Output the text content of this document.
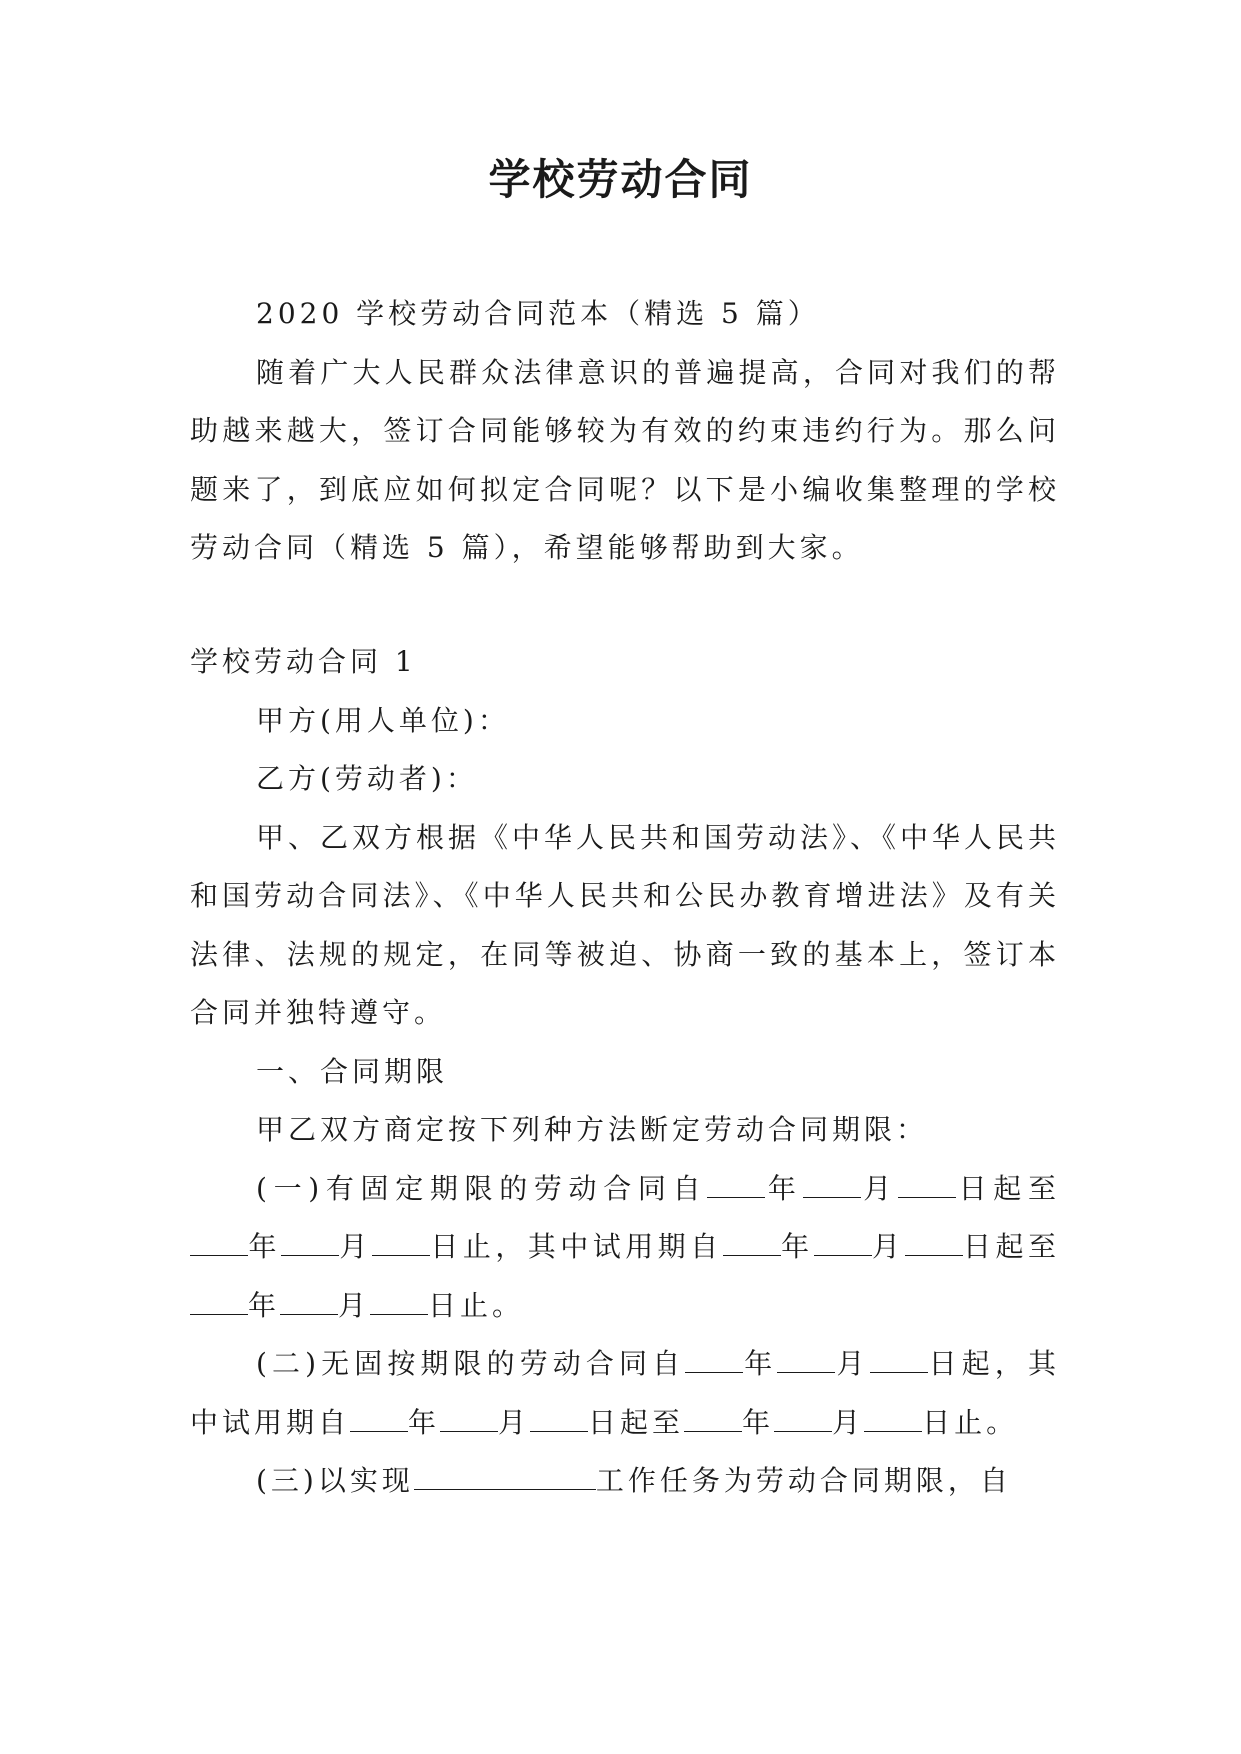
学校劳动合同

2020 学校劳动合同范本（精选 5 篇）

随着广大人民群众法律意识的普遍提高，合同对我们的帮助越来越大，签订合同能够较为有效的约束违约行为。那么问题来了，到底应如何拟定合同呢？以下是小编收集整理的学校劳动合同（精选 5 篇），希望能够帮助到大家。

学校劳动合同 1

甲方(用人单位)：

乙方(劳动者)：

甲、乙双方根据《中华人民共和国劳动法》、《中华人民共和国劳动合同法》、《中华人民共和公民办教育增进法》及有关法律、法规的规定，在同等被迫、协商一致的基本上，签订本合同并独特遵守。

一、合同期限

甲乙双方商定按下列种方法断定劳动合同期限：

(一)有固定期限的劳动合同自 年 月 日起至年 月 日止，其中试用期自 年 月 日起至年 月 日止。

(二)无固按期限的劳动合同自 年 月 日起，其中试用期自 年 月 日起至 年 月 日止。

(三)以实现	工作任务为劳动合同期限，自
